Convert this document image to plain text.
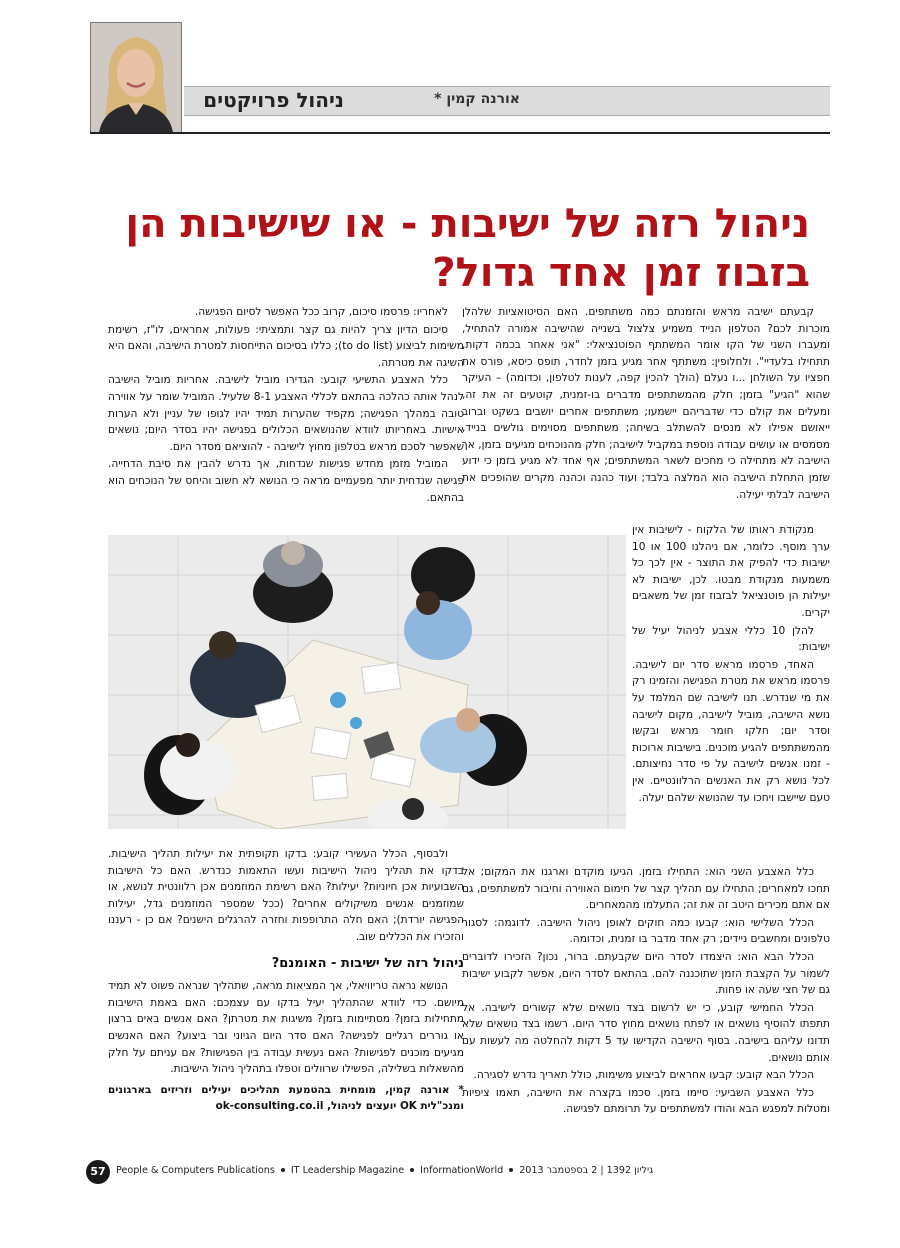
ניהול פרויקטים	אורנה קמין *
ניהול רזה של ישיבות - או שישיבות הן
בזבוז זמן אחד גדול?

קבעתם ישיבה מראש והזמנתם כמה משתתפים. האם הסיטואציות שלהלן מוכרות לכם? הטלפון הנייד משמיע צלצול בשנייה שהישיבה אמורה להתחיל, ומעברו השני של הקו אומר המשתתף הפוטנציאלי: "אני אאחר בכמה דקות, תתחילו בלעדיי". ולחלופין: משתתף אחר מגיע בזמן לחדר, תופס כיסא, פורס את חפציו על השולחן ...ו נעלם (הולך להכין קפה, לענות לטלפון, וכדומה) – העיקר שהוא "הגיע" בזמן; חלק מהמשתתפים מדברים בו-זמנית, קוטעים זה את זה, ומעלים את קולם כדי שדבריהם יישמעו; משתתפים אחרים יושבים בשקט וברוב ייאושם אפילו לא מנסים להשתלב בשיחה; משתתפים מסוימים גולשים בנייד, מסמסים או עושים עבודה נוספת במקביל לישיבה; חלק מהנוכחים מגיעים בזמן, אך הישיבה לא מתחילה כי מחכים לשאר המשתתפים; אף אחד לא מגיע בזמן כי ידוע שזמן התחלת הישיבה הוא המלצה בלבד; ועוד כהנה וכהנה מקרים שהופכים את הישיבה לבלתי יעילה.

לאחריו: פרסמו סיכום, קרוב ככל האפשר לסיום הפגישה.

סיכום הדיון צריך להיות גם קצר ותמציתי: פעולות, אחראים, לו"ז, רשימת משימות לביצוע (to do list); כללו בסיכום התייחסות למטרת הישיבה, והאם היא השיגה את מטרתה.

כלל האצבע התשיעי קובע: הגדירו מוביל לישיבה. אחריות מוביל הישיבה לנהל אותה כהלכה בהתאם לכללי האצבע 8-1 שלעיל. המוביל שומר על אווירה טובה במהלך הפגישה; מקפיד שהערות תמיד יהיו לגופו של עניין ולא הערות אישיות. באחריותו לוודא שהנושאים הכלולים בפגישה יהיו בסדר היום; נושאים שאפשר לסכם מראש בטלפון מחוץ לישיבה - להוציאם מסדר היום.

המוביל מזמן מחדש פגישות שנדחות, אך נדרש להבין את סיבת הדחייה. פגישה שנדחית יותר מפעמיים מראה כי הנושא לא חשוב והיחס של הנוכחים הוא בהתאם.

מנקודת ראותו של הלקוח - לישיבות אין ערך מוסף. כלומר, אם ניהלנו 100 או 10 ישיבות כדי להפיק את התוצר - אין לכך כל משמעות מנקודת מבטו. לכן, ישיבות לא יעילות הן פוטנציאל לבזבוז זמן של משאבים יקרים.

להלן 10 כללי אצבע לניהול יעיל של ישיבות:

האחד, פרסמו מראש סדר יום לישיבה. פרסמו מראש את מטרת הפגישה והזמינו רק את מי שנדרש. תנו לישיבה שם המלמד על נושא הישיבה, מוביל לישיבה, מקום לישיבה וסדר יום; חלקו חומר מראש ובקשו מהמשתתפים להגיע מוכנים. בישיבות ארוכות - זמנו אנשים לישיבה על פי סדר נחיצותם. לכל נושא רק את האנשים הרלוונטיים. אין טעם שיישבו ויחכו עד שהנושא שלהם יעלה.

כלל האצבע השני הוא: התחילו בזמן. הגיעו מוקדם וארגנו את המקום; אל תחכו למאחרים; התחילו עם תהליך קצר של חימום האווירה וחיבור למשתתפים, גם אם אתם מכירים היטב זה את זה; התעלמו מהמאחרים.

הכלל השלישי הוא: קבעו כמה חוקים לאופן ניהול הישיבה. לדוגמה: לסגור טלפונים ומחשבים ניידים; רק אחד מדבר בו זמנית, וכדומה.

הכלל הבא הוא: היצמדו לסדר היום שקבעתם. ברור, נכון? הזכירו לדוברים לשמור על הקצבת הזמן שתוכננה להם. בהתאם לסדר היום, אפשר לקבוע ישיבות גם של חצי שעה או פחות.

הכלל החמישי קובע, כי יש לרשום בצד נושאים שלא קשורים לישיבה. אל תתפתו להוסיף נושאים או לפתח נושאים מחוץ סדר היום. רשמו בצד נושאים שלא תדונו עליהם בישיבה. בסוף הישיבה הקדישו עד 5 דקות להחלטה מה לעשות עם אותם נושאים.

הכלל הבא קובע: קבעו אחראים לביצוע משימות, כולל תאריך נדרש לסגירה.

כלל האצבע השביעי: סיימו בזמן. סכמו בקצרה את הישיבה, תאמו ציפיות ומטלות למפגש הבא והודו למשתתפים על תרומתם לפגישה.

ולבסוף, הכלל העשירי קובע: בדקו תקופתית את יעילות תהליך הישיבות. בדקו את תהליך ניהול הישיבות ועשו התאמות כנדרש. האם כל הישיבות השבועיות אכן חיוניות? יעילות? האם רשימת המוזמנים אכן רלוונטית לנושא, או שמוזמנים אנשים משיקולים אחרים? (ככל שמספר המוזמנים גדל, יעילות הפגישה יורדת); האם חלה התרופפות וחזרה להרגלים הישנים? אם כן - רעננו והזכירו את הכללים שוב.

ניהול רזה של ישיבות - האומנם?

הנושא נראה טריוויאלי, אך המציאות מראה, שתהליך שנראה פשוט לא תמיד מיושם. כדי לוודא שהתהליך יעיל בדקו עם עצמכם: האם באמת הישיבות מתחילות בזמן? מסתיימות בזמן? משיגות את מטרתן? האם אנשים באים ברצון או גוררים רגליים לפגישה? האם סדר היום הגיוני ובר ביצוע? האם האנשים מגיעים מוכנים לפגישות? האם נעשית עבודה בין הפגישות? אם עניתם על חלק מהשאלות בשלילה, הפשילו שרוולים וטפלו בתהליך ניהול הישיבות.

* אורנה קמין, מומחית בהטמעת תהליכים יעילים וזריזים בארגונים ומנכ"לית OK יועצים לניהול, ok-consulting.co.il

57	People & Computers Publications IT Leadership Magazine InformationWorld גיליון 1392 | 2 בספטמבר 2013
